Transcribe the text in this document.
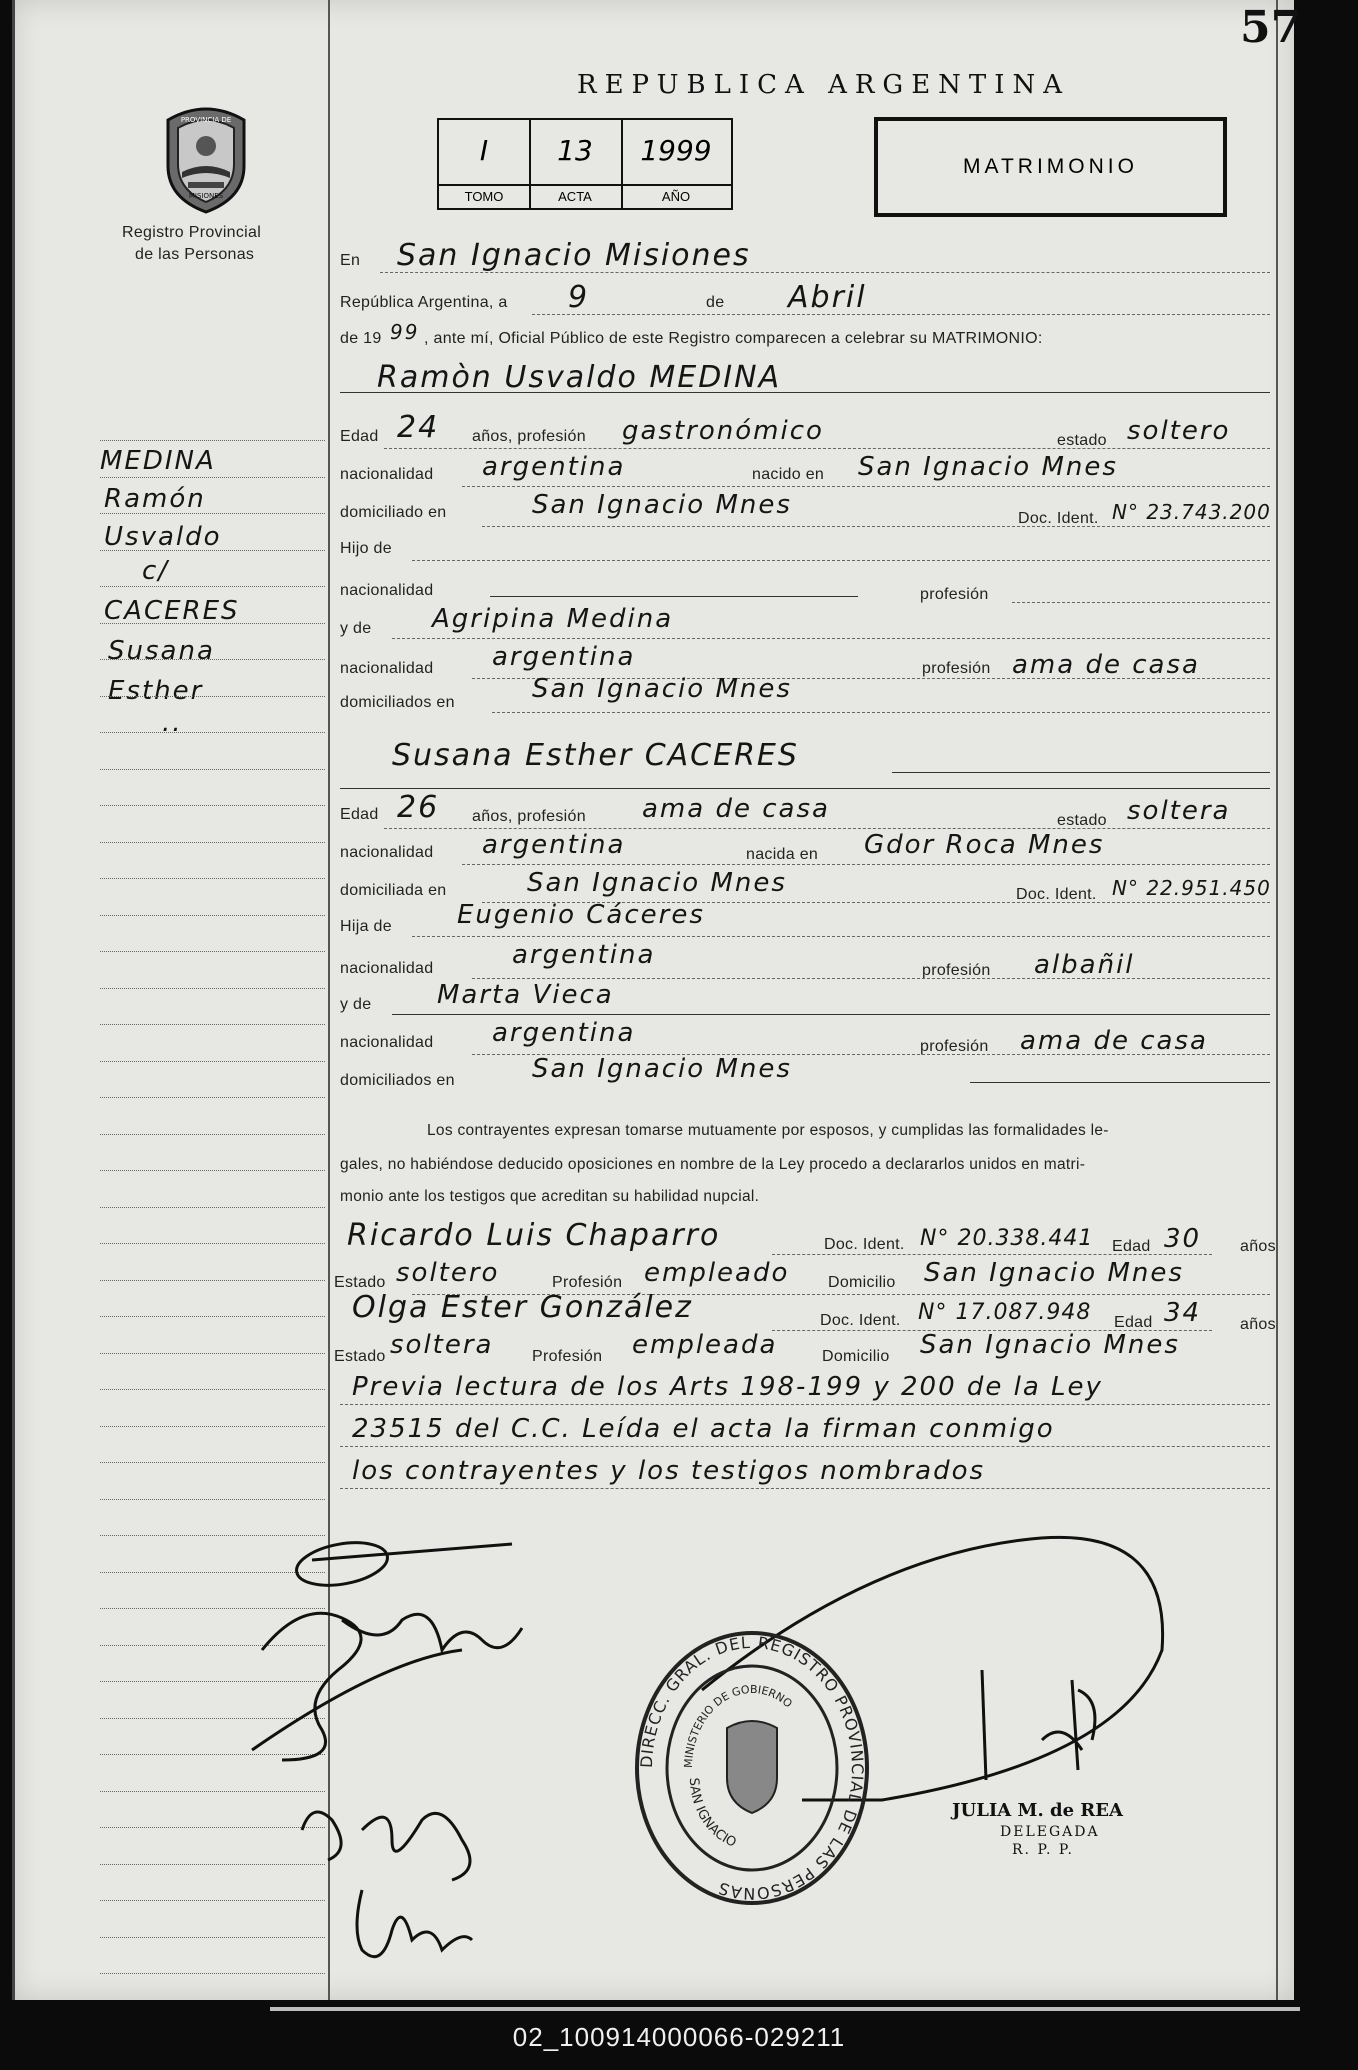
57
PROVINCIA DE
MISIONES
Registro Provincial
de las Personas
REPUBLICA ARGENTINA
I
TOMO
13
ACTA
1999
AÑO
MATRIMONIO
En San Ignacio Misiones
República Argentina, a 9	de Abril
de 19 99 , ante mí, Oficial Público de este Registro comparecen a celebrar su MATRIMONIO:
Ramòn Usvaldo MEDINA
Edad 24 años, profesión gastronómico	estado soltero
nacionalidad argentina	nacido en San Ignacio Mnes
domiciliado en	San Ignacio Mnes	Doc. Ident. N° 23.743.200
Hijo de
nacionalidad	profesión
y de Agripina Medina
nacionalidad argentina	profesión ama de casa
domiciliados en	San Ignacio Mnes
Susana Esther CACERES
Edad 26 años, profesión ama de casa	estado soltera
nacionalidad argentina	nacida en Gdor Roca Mnes
domiciliada en	San Ignacio Mnes	Doc. Ident. N° 22.951.450
Hija de	Eugenio Cáceres
nacionalidad	argentina
profesión albañil
y de	Marta Vieca
nacionalidad argentina	profesión ama de casa
domiciliados en	San Ignacio Mnes
Los contrayentes expresan tomarse mutuamente por esposos, y cumplidas las formalidades le-
gales, no habiéndose deducido oposiciones en nombre de la Ley procedo a declararlos unidos en matri-
monio ante los testigos que acreditan su habilidad nupcial.
Ricardo Luis Chaparro	Doc. Ident. N° 20.338.441 Edad 30 años
Estado soltero	Profesión empleado Domicilio San Ignacio Mnes
Olga Ester González	Doc. Ident. N° 17.087.948 Edad 34 años
Estado soltera Profesión empleada	Domicilio San Ignacio Mnes
Previa lectura de los Arts 198-199 y 200 de la Ley
23515 del C.C. Leída el acta la firman conmigo
los contrayentes y los testigos nombrados
MEDINA
Ramón
Usvaldo
c/
CACERES
Susana
Esther
..
DIRECC. GRAL. DEL REGISTRO PROVINCIAL DE LAS PERSONAS
MINISTERIO DE GOBIERNO
SAN IGNACIO
JULIA M. de REA
DELEGADA
R. P. P.
02_100914000066-029211
